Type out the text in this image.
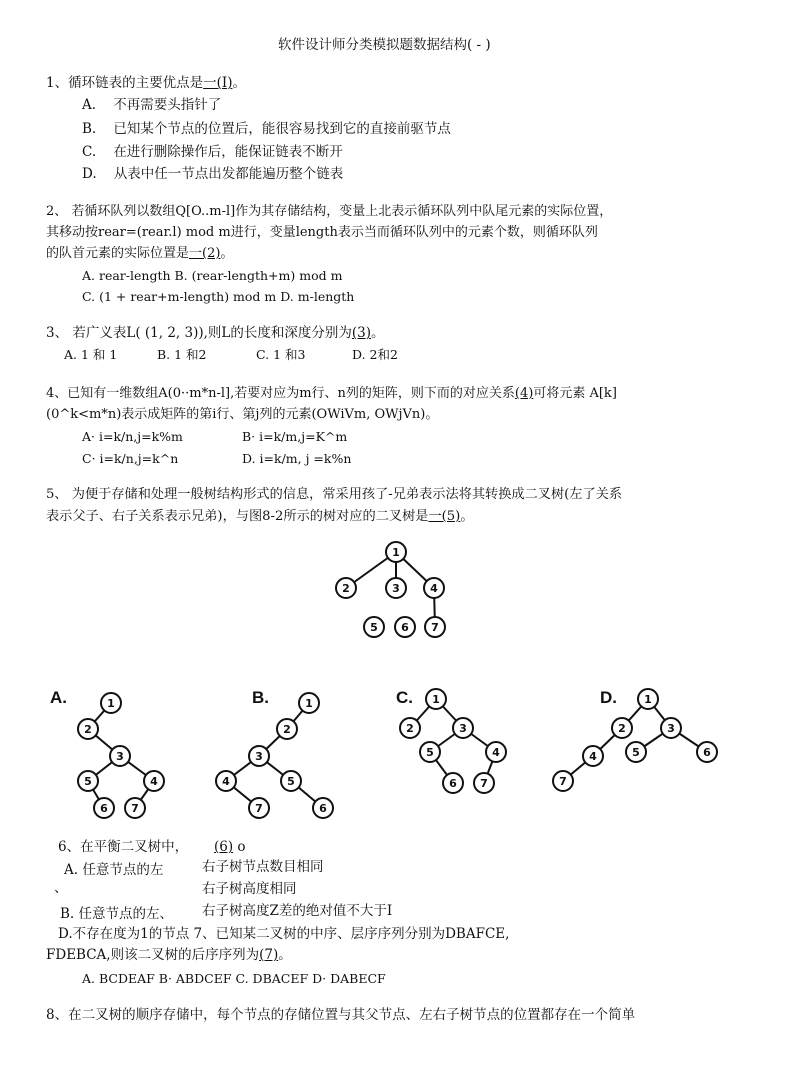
软件设计师分类模拟题数据结构( - )
1、循环链表的主要优点是一(I)。
A. 不再需要头指针了
B. 已知某个节点的位置后，能很容易找到它的直接前驱节点
C. 在进行删除操作后，能保证链表不断开
D. 从表中任一节点出发都能遍历整个链表
2、 若循环队列以数组Q[O..m-l]作为其存储结构，变量上北表示循环队列中队尾元素的实际位置，
其移动按rear=(rear.l) mod m进行，变量length表示当而循环队列中的元素个数，则循环队列
的队首元素的实际位置是一(2)。
A. rear-length B. (rear-length+m) mod m
C. (1 + rear+m-length) mod m D. m-length
3、 若广义表L( (1, 2, 3)),则L的长度和深度分别为(3)。
A. 1 和 1	B. 1 和2	C. 1 和3	D. 2和2
4、已知有一维数组A(0··m*n-l],若要对应为m行、n列的矩阵，则下而的对应关系(4)可将元素 A[k]
(0^k<m*n)表示成矩阵的第i行、第j列的元素(OWiVm, OWjVn)。
A· i=k/n,j=k%m	B· i=k/m,j=K^m
C· i=k/n,j=k^n	D. i=k/m, j =k%n
5、 为便于存储和处理一般树结构形式的信息，常采用孩了-兄弟表示法将其转换成二叉树(左了关系
表示父子、右子关系表示兄弟)，与图8-2所示的树对应的二叉树是一(5)。
1
2	3	4
5 6 7
1
2
3
5	4
6 7
1
2
3
4	5
7	6
1
2	3
5	4
6 7
1
2	3
4	5	6
7
A.	B.	C.	D.
6、在平衡二叉树中， (6) o
A. 任意节点的左	右子树节点数目相同
、	右子树高度相同
B. 任意节点的左、 右子树高度Z差的绝对值不大于I
D.不存在度为1的节点 7、已知某二叉树的中序、层序序列分别为DBAFCE,
FDEBCA,则该二叉树的后序序列为(7)。
A. BCDEAF B· ABDCEF C. DBACEF D· DABECF
8、在二叉树的顺序存储中，每个节点的存储位置与其父节点、左右子树节点的位置都存在一个简单
